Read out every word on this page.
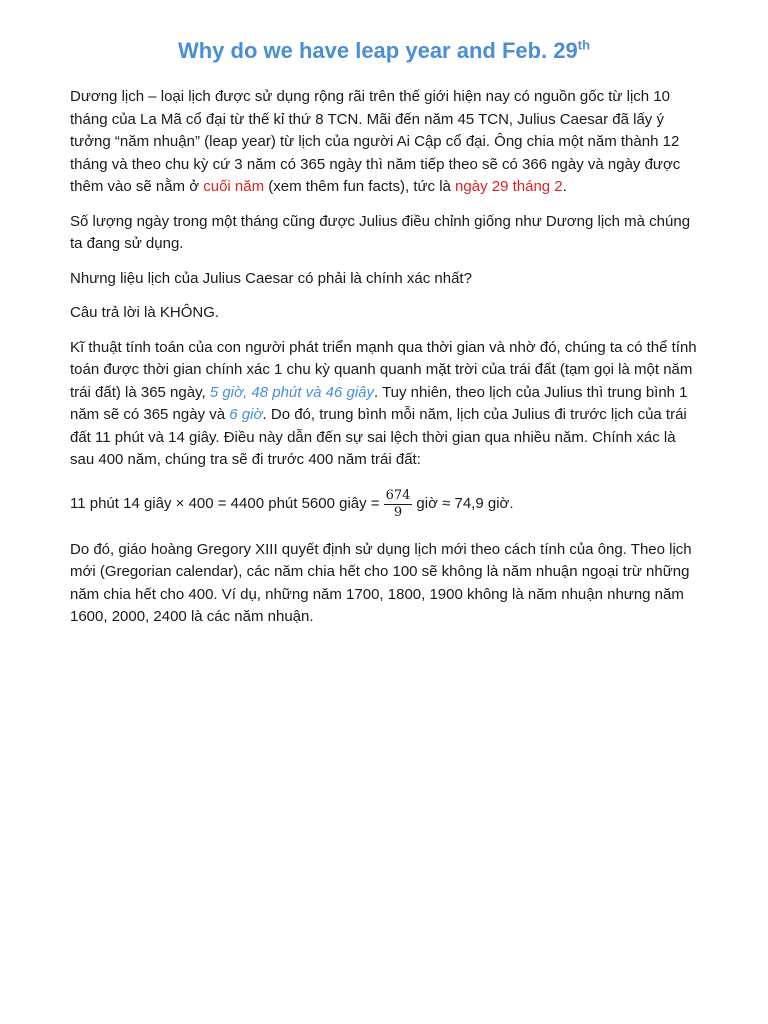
Why do we have leap year and Feb. 29th

Dương lịch – loại lịch được sử dụng rộng rãi trên thế giới hiện nay có nguồn gốc từ lịch 10 tháng của La Mã cổ đại từ thế kỉ thứ 8 TCN. Mãi đến năm 45 TCN, Julius Caesar đã lấy ý tưởng “năm nhuận” (leap year) từ lịch của người Ai Cập cổ đại. Ông chia một năm thành 12 tháng và theo chu kỳ cứ 3 năm có 365 ngày thì năm tiếp theo sẽ có 366 ngày và ngày được thêm vào sẽ nằm ở cuối năm (xem thêm fun facts), tức là ngày 29 tháng 2.

Số lượng ngày trong một tháng cũng được Julius điều chỉnh giống như Dương lịch mà chúng ta đang sử dụng.

Nhưng liệu lịch của Julius Caesar có phải là chính xác nhất?

Câu trả lời là KHÔNG.

Kĩ thuật tính toán của con người phát triển mạnh qua thời gian và nhờ đó, chúng ta có thể tính toán được thời gian chính xác 1 chu kỳ quanh quanh mặt trời của trái đất (tạm gọi là một năm trái đất) là 365 ngày, 5 giờ, 48 phút và 46 giây. Tuy nhiên, theo lịch của Julius thì trung bình 1 năm sẽ có 365 ngày và 6 giờ. Do đó, trung bình mỗi năm, lịch của Julius đi trước lịch của trái đất 11 phút và 14 giây. Điều này dẫn đến sự sai lệch thời gian qua nhiều năm. Chính xác là sau 400 năm, chúng tra sẽ đi trước 400 năm trái đất:

11 phút 14 giây × 400 = 4400 phút 5600 giây = $\frac{674}{9}$ giờ ≈ 74,9 giờ.

Do đó, giáo hoàng Gregory XIII quyết định sử dụng lịch mới theo cách tính của ông. Theo lịch mới (Gregorian calendar), các năm chia hết cho 100 sẽ không là năm nhuận ngoại trừ những năm chia hết cho 400. Ví dụ, những năm 1700, 1800, 1900 không là năm nhuận nhưng năm 1600, 2000, 2400 là các năm nhuận.
